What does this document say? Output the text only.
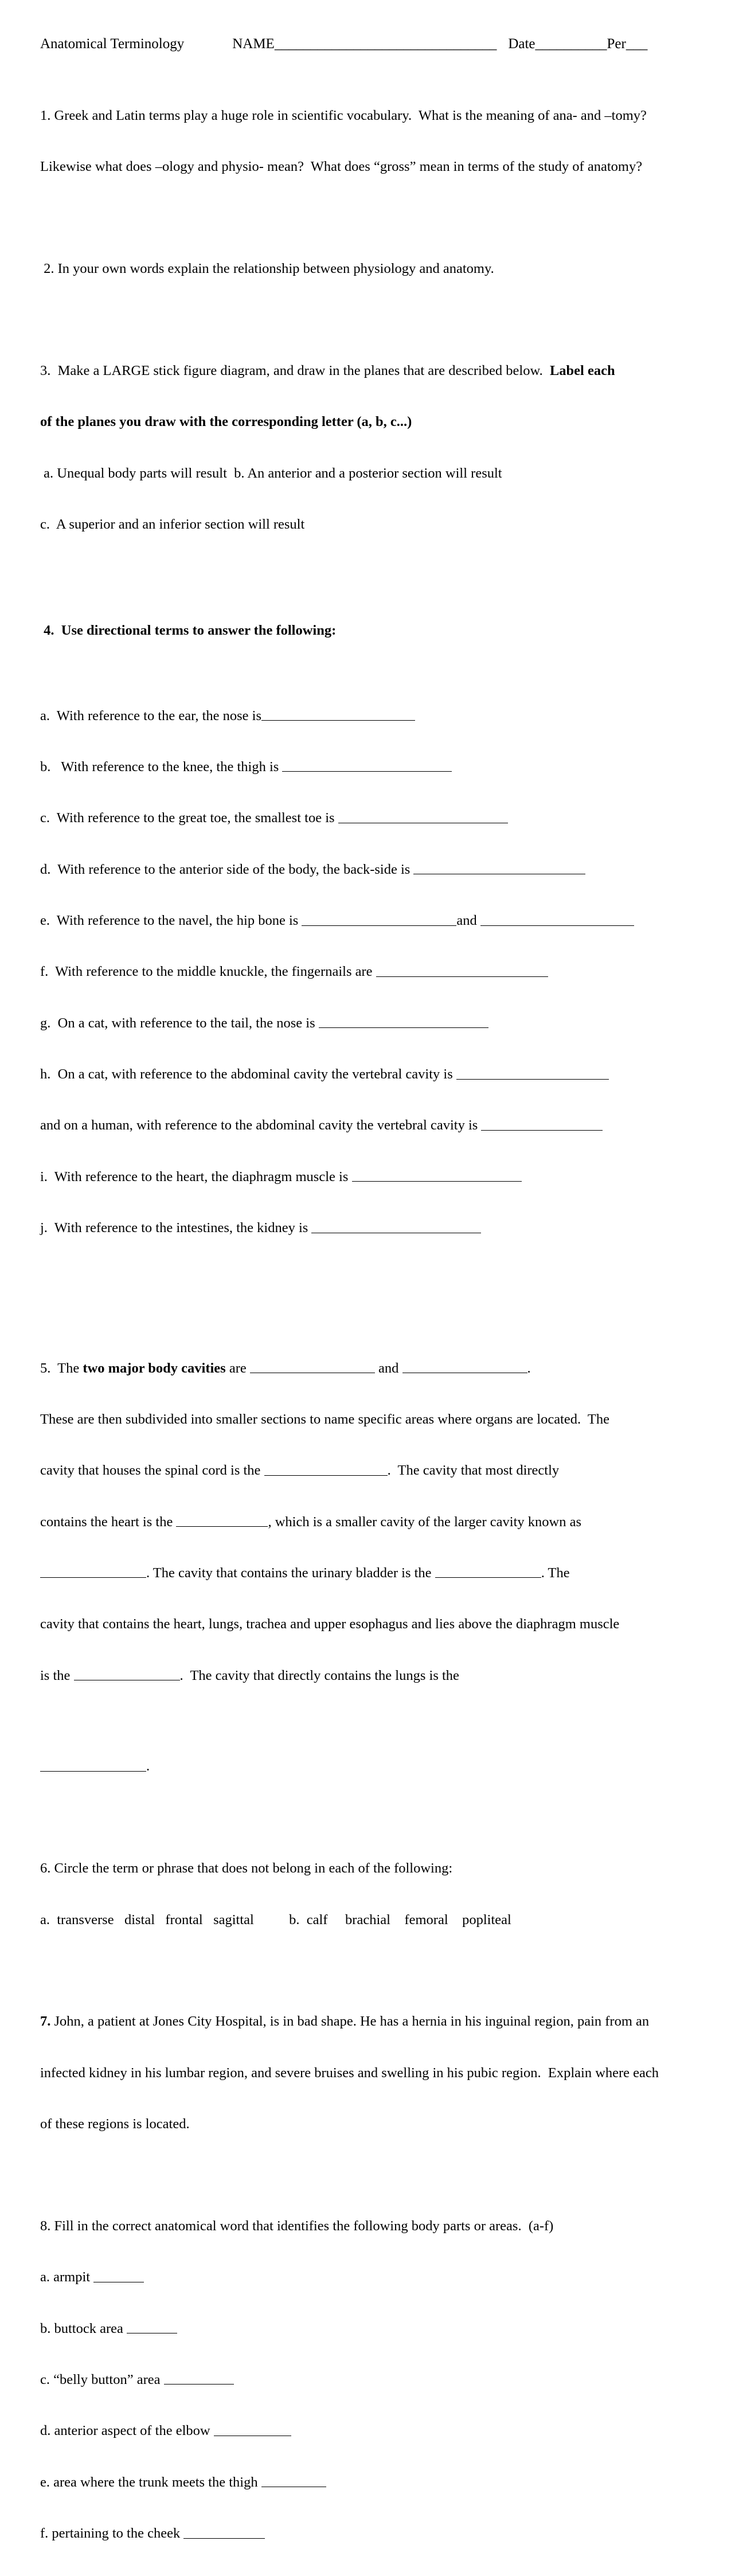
Anatomical Terminology	NAME _______________________________ Date __________ Per ___

1. Greek and Latin terms play a huge role in scientific vocabulary.  What is the meaning of ana- and –tomy?

Likewise what does –ology and physio- mean?  What does “gross” mean in terms of the study of anatomy?

2. In your own words explain the relationship between physiology and anatomy.

3.  Make a LARGE stick figure diagram, and draw in the planes that are described below.  Label each

of the planes you draw with the corresponding letter (a, b, c...)

a. Unequal body parts will result  b. An anterior and a posterior section will result

c.  A superior and an inferior section will result

4.  Use directional terms to answer the following:

a.  With reference to the ear, the nose is

b.   With reference to the knee, the thigh is

c.  With reference to the great toe, the smallest toe is

d.  With reference to the anterior side of the body, the back-side is

e.  With reference to the navel, the hip bone is	and

f.  With reference to the middle knuckle, the fingernails are

g.  On a cat, with reference to the tail, the nose is

h.  On a cat, with reference to the abdominal cavity the vertebral cavity is

and on a human, with reference to the abdominal cavity the vertebral cavity is

i.  With reference to the heart, the diaphragm muscle is

j.  With reference to the intestines, the kidney is

5.  The two major body cavities are	and	.

These are then subdivided into smaller sections to name specific areas where organs are located.  The

cavity that houses the spinal cord is the	.  The cavity that most directly

contains the heart is the	, which is a smaller cavity of the larger cavity known as

. The cavity that contains the urinary bladder is the	. The

cavity that contains the heart, lungs, trachea and upper esophagus and lies above the diaphragm muscle

is the	.  The cavity that directly contains the lungs is the

.

6. Circle the term or phrase that does not belong in each of the following:

a.  transverse   distal   frontal   sagittal          b.  calf     brachial    femoral    popliteal

7. John, a patient at Jones City Hospital, is in bad shape. He has a hernia in his inguinal region, pain from an

infected kidney in his lumbar region, and severe bruises and swelling in his pubic region.  Explain where each

of these regions is located.

8. Fill in the correct anatomical word that identifies the following body parts or areas.  (a-f)

a. armpit

b. buttock area

c. “belly button” area

d. anterior aspect of the elbow

e. area where the trunk meets the thigh

f. pertaining to the cheek
